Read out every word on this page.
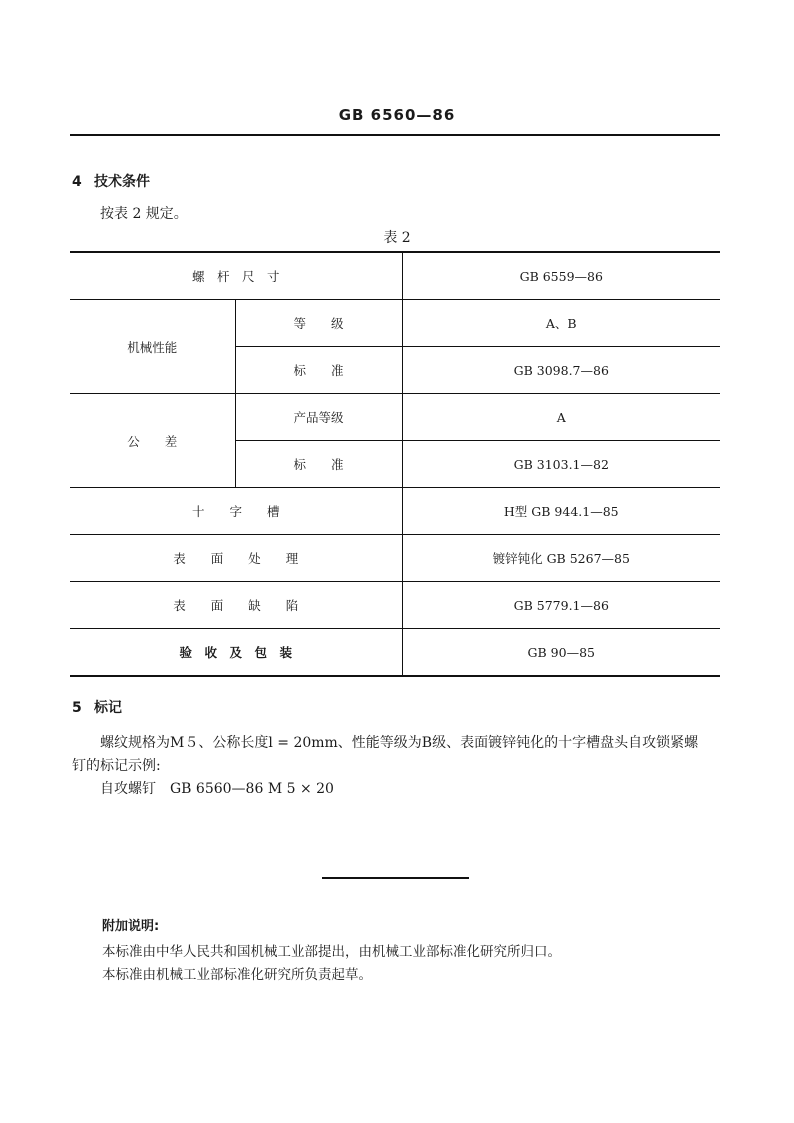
GB 6560—86
4 技术条件
按表 2 规定。
表 2
螺　杆　尺　寸		GB 6559—86
机械性能	等　　级	A、B
	标　　准	GB 3098.7—86
公　　差	产品等级	A
	标　　准	GB 3103.1—82
十　　字　　槽		H型 GB 944.1—85
表　　面　　处　　理		镀锌钝化 GB 5267—85
表　　面　　缺　　陷		GB 5779.1—86
验　收　及　包　装		GB 90—85
5 标记
螺纹规格为M５、公称长度l = 20mm、性能等级为B级、表面镀锌钝化的十字槽盘头自攻锁紧螺
钉的标记示例:
自攻螺钉　GB 6560—86 M 5 × 20
附加说明:
本标准由中华人民共和国机械工业部提出，由机械工业部标准化研究所归口。
本标准由机械工业部标准化研究所负责起草。
